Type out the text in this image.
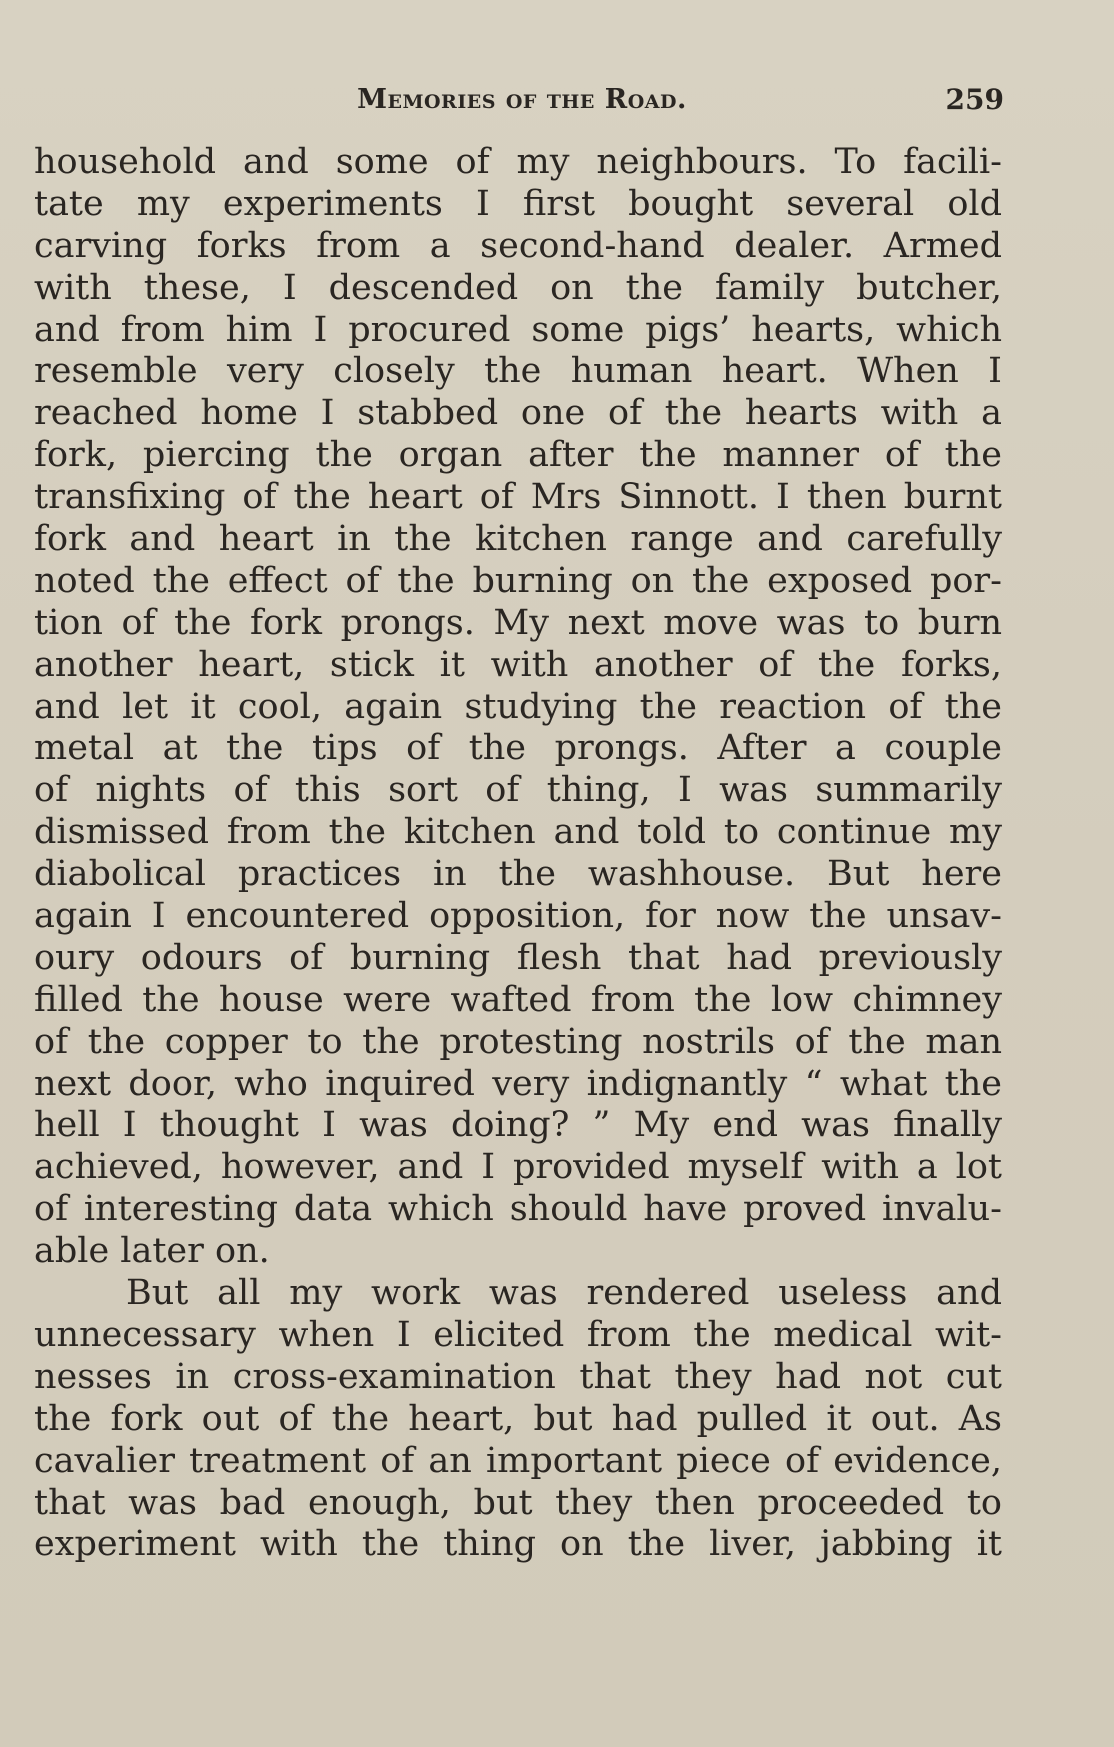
Memories of the Road.	259
household and some of my neighbours. To facili-
tate my experiments I first bought several old
carving forks from a second-hand dealer. Armed
with these, I descended on the family butcher,
and from him I procured some pigs’ hearts, which
resemble very closely the human heart. When I
reached home I stabbed one of the hearts with a
fork, piercing the organ after the manner of the
transfixing of the heart of Mrs Sinnott. I then burnt
fork and heart in the kitchen range and carefully
noted the effect of the burning on the exposed por-
tion of the fork prongs. My next move was to burn
another heart, stick it with another of the forks,
and let it cool, again studying the reaction of the
metal at the tips of the prongs. After a couple
of nights of this sort of thing, I was summarily
dismissed from the kitchen and told to continue my
diabolical practices in the washhouse. But here
again I encountered opposition, for now the unsav-
oury odours of burning flesh that had previously
filled the house were wafted from the low chimney
of the copper to the protesting nostrils of the man
next door, who inquired very indignantly “ what the
hell I thought I was doing? ” My end was finally
achieved, however, and I provided myself with a lot
of interesting data which should have proved invalu-
able later on.
But all my work was rendered useless and
unnecessary when I elicited from the medical wit-
nesses in cross-examination that they had not cut
the fork out of the heart, but had pulled it out. As
cavalier treatment of an important piece of evidence,
that was bad enough, but they then proceeded to
experiment with the thing on the liver, jabbing it
